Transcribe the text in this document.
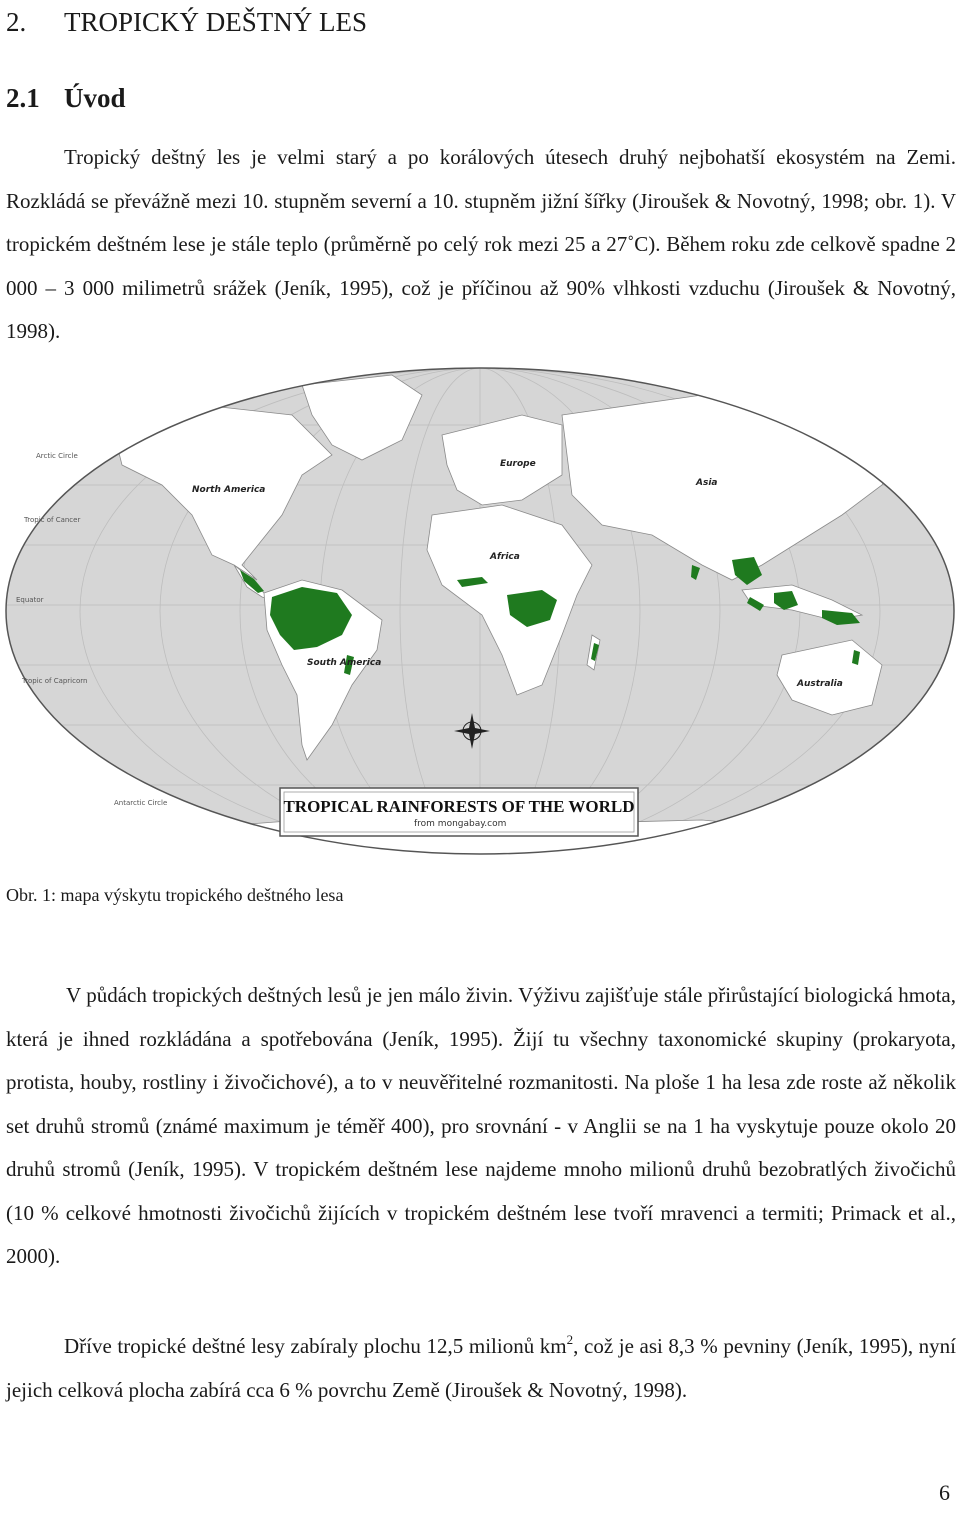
2. TROPICKÝ DEŠTNÝ LES
2.1 Úvod

Tropický deštný les je velmi starý a po korálových útesech druhý nejbohatší ekosystém na Zemi. Rozkládá se převážně mezi 10. stupněm severní a 10. stupněm jižní šířky (Jiroušek & Novotný, 1998; obr. 1). V tropickém deštném lese je stále teplo (průměrně po celý rok mezi 25 a 27˚C). Během roku zde celkově spadne 2 000 – 3 000 milimetrů srážek (Jeník, 1995), což je příčinou až 90% vlhkosti vzduchu (Jiroušek & Novotný, 1998).

Arctic Circle
Tropic of Cancer
Equator
Tropic of Capricorn
Antarctic Circle
North America
South America
Europe
Africa
Asia
Australia
TROPICAL RAINFORESTS OF THE WORLD
from mongabay.com

Obr. 1: mapa výskytu tropického deštného lesa

V půdách tropických deštných lesů je jen málo živin. Výživu zajišťuje stále přirůstající biologická hmota, která je ihned rozkládána a spotřebována (Jeník, 1995). Žijí tu všechny taxonomické skupiny (prokaryota, protista, houby, rostliny i živočichové), a to v neuvěřitelné rozmanitosti. Na ploše 1 ha lesa zde roste až několik set druhů stromů (známé maximum je téměř 400), pro srovnání - v Anglii se na 1 ha vyskytuje pouze okolo 20 druhů stromů (Jeník, 1995). V tropickém deštném lese najdeme mnoho milionů druhů bezobratlých živočichů (10 % celkové hmotnosti živočichů žijících v tropickém deštném lese tvoří mravenci a termiti; Primack et al., 2000).

Dříve tropické deštné lesy zabíraly plochu 12,5 milionů $km^2$, což je asi 8,3 % pevniny (Jeník, 1995), nyní jejich celková plocha zabírá cca 6 % povrchu Země (Jiroušek & Novotný, 1998).

6
